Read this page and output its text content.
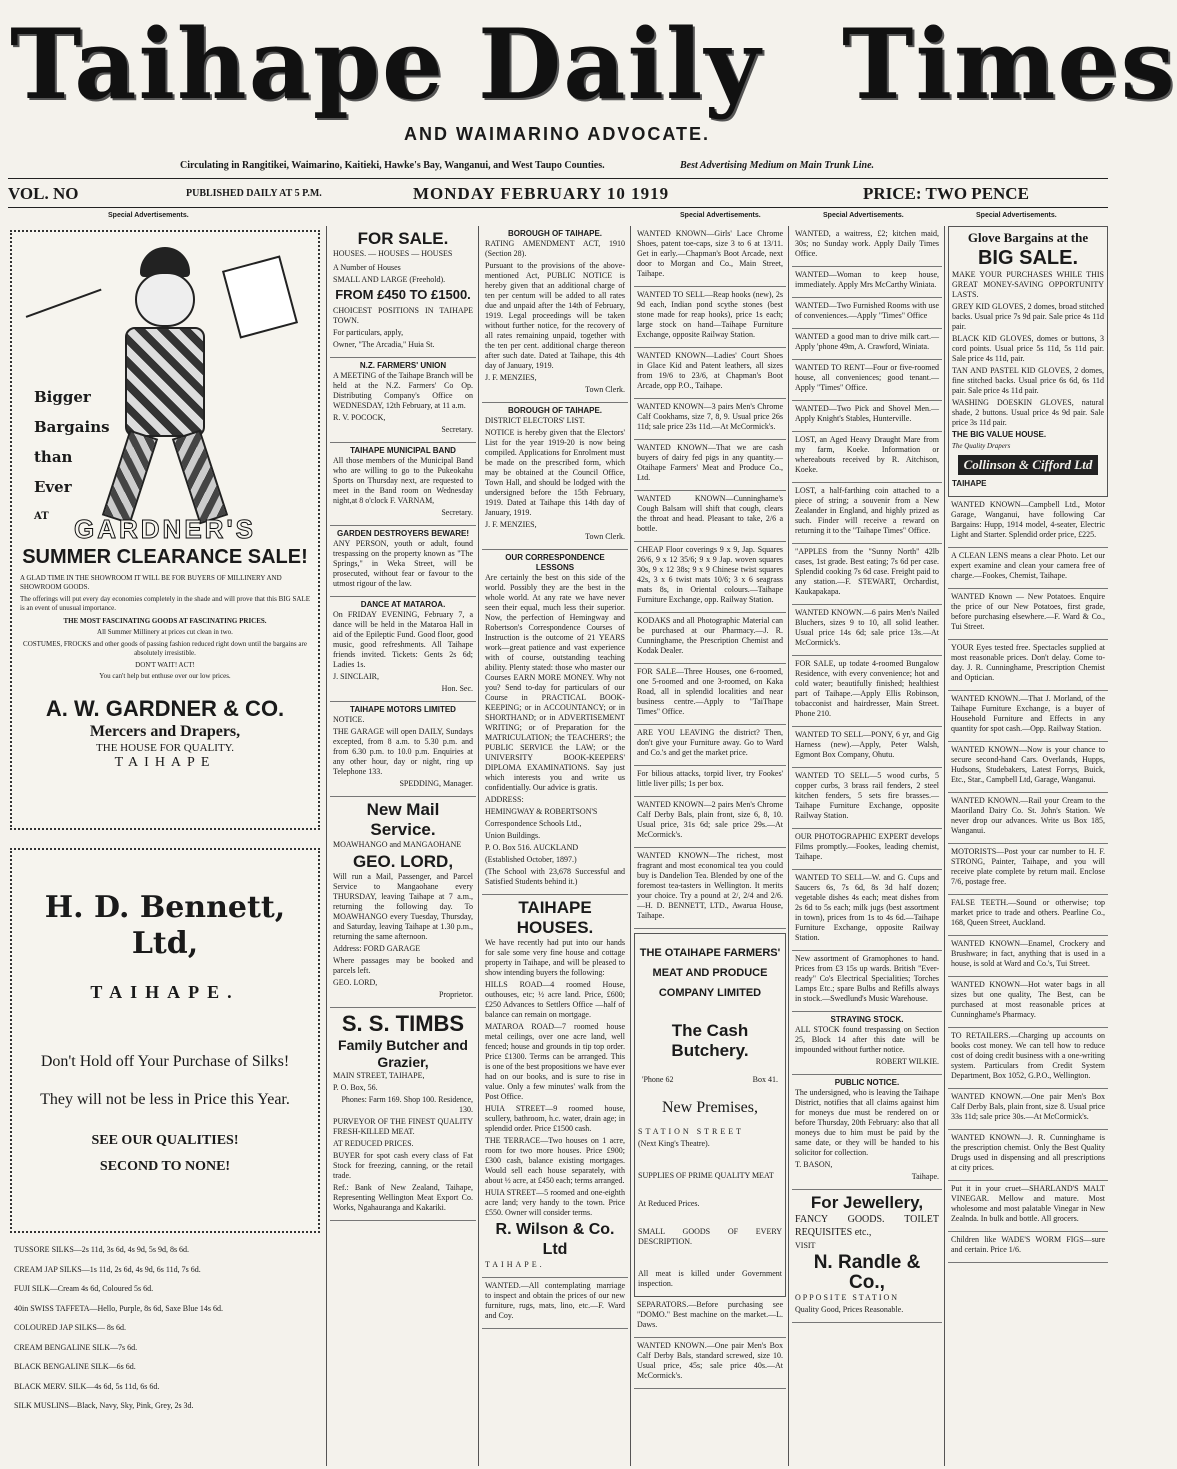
Taihape Daily Times
AND WAIMARINO ADVOCATE.
Circulating in Rangitikei, Waimarino, Kaitieki, Hawke's Bay, Wanganui, and West Taupo Counties.	Best Advertising Medium on Main Trunk Line.
VOL. NO	PUBLISHED DAILY AT 5 P.M.	MONDAY FEBRUARY 10 1919	PRICE: TWO PENCE
Special Advertisements.	Special Advertisements.	Special Advertisements.	Special Advertisements.
Bigger
Bargains
than
Ever
AT GARDNER'S
SUMMER CLEARANCE SALE!
A GLAD TIME IN THE SHOWROOM IT WILL BE FOR BUYERS OF MILLINERY AND SHOWROOM GOODS.
The offerings will put every day economies completely in the shade and will prove that this BIG SALE is an event of unusual importance.
THE MOST FASCINATING GOODS AT FASCINATING PRICES.
All Summer Millinery at prices cut clean in two.
COSTUMES, FROCKS and other goods of passing fashion reduced right down until the bargains are absolutely irresistible.
DON'T WAIT! ACT!
You can't help but enthuse over our low prices.
A. W. GARDNER & CO.
Mercers and Drapers,
THE HOUSE FOR QUALITY.
TAIHAPE
H. D. Bennett, Ltd,
TAIHAPE.
Don't Hold off Your Purchase of Silks!
They will not be less in Price this Year.
SEE OUR QUALITIES!
SECOND TO NONE!
TUSSORE SILKS—2s 11d, 3s 6d, 4s 9d, 5s 9d, 8s 6d.
CREAM JAP SILKS—1s 11d, 2s 6d, 4s 9d, 6s 11d, 7s 6d.
FUJI SILK—Cream 4s 6d, Coloured 5s 6d.
40in SWISS TAFFETA—Hello, Purple, 8s 6d, Saxe Blue 14s 6d.
COLOURED JAP SILKS— 8s 6d.
CREAM BENGALINE SILK—7s 6d.
BLACK BENGALINE SILK—6s 6d.
BLACK MERV. SILK—4s 6d, 5s 11d, 6s 6d.
SILK MUSLINS—Black, Navy, Sky, Pink, Grey, 2s 3d.
FOR SALE.

HOUSES. — HOUSES — HOUSES

A Number of Houses

SMALL AND LARGE (Freehold).

FROM £450 TO £1500.

CHOICEST POSITIONS IN TAIHAPE TOWN.

For particulars, apply,

Owner, "The Arcadia," Huia St.

N.Z. FARMERS' UNION

A MEETING of the Taihape Branch will be held at the N.Z. Farmers' Co Op. Distributing Company's Office on WEDNESDAY, 12th February, at 11 a.m.

R. V. POCOCK,

Secretary.

TAIHAPE MUNICIPAL BAND

All those members of the Municipal Band who are willing to go to the Pukeokahu Sports on Thursday next, are requested to meet in the Band room on Wednesday night,at 8 o'clock F. VARNAM,

Secretary.

GARDEN DESTROYERS BEWARE!

ANY PERSON, youth or adult, found trespassing on the property known as "The Springs," in Weka Street, will be prosecuted, without fear or favour to the utmost rigour of the law.

DANCE AT MATAROA.

On FRIDAY EVENING, February 7, a dance will be held in the Mataroa Hall in aid of the Epileptic Fund. Good floor, good music, good refreshments. All Taihape friends invited. Tickets: Gents 2s 6d; Ladies 1s.

J. SINCLAIR,

Hon. Sec.

TAIHAPE MOTORS LIMITED

NOTICE.

THE GARAGE will open DAILY, Sundays excepted, from 8 a.m. to 5.30 p.m. and from 6.30 p.m. to 10.0 p.m. Enquiries at any other hour, day or night, ring up Telephone 133.

SPEDDING, Manager.

New Mail Service.

MOAWHANGO and MANGAOHANE

GEO. LORD,

Will run a Mail, Passenger, and Parcel Service to Mangaohane every THURSDAY, leaving Taihape at 7 a.m., returning the following day. To MOAWHANGO every Tuesday, Thursday, and Saturday, leaving Taihape at 1.30 p.m., returning the same afternoon.

Address: FORD GARAGE

Where passages may be booked and parcels left.

GEO. LORD,

Proprietor.

S. S. TIMBS
Family Butcher and Grazier,

MAIN STREET, TAIHAPE,

P. O. Box, 56.

Phones: Farm 169. Shop 100. Residence, 130.

PURVEYOR OF THE FINEST QUALITY FRESH-KILLED MEAT.

AT REDUCED PRICES.

BUYER for spot cash every class of Fat Stock for freezing, canning, or the retail trade.

Ref.: Bank of New Zealand, Taihape, Representing Wellington Meat Export Co. Works, Ngahauranga and Kakariki.

BOROUGH OF TAIHAPE.

RATING AMENDMENT ACT, 1910 (Section 28).

Pursuant to the provisions of the above-mentioned Act, PUBLIC NOTICE is hereby given that an additional charge of ten per centum will be added to all rates due and unpaid after the 14th of February, 1919. Legal proceedings will be taken without further notice, for the recovery of all rates remaining unpaid, together with the ten per cent. additional charge thereon after such date. Dated at Taihape, this 4th day of January, 1919.

J. F. MENZIES,

Town Clerk.

BOROUGH OF TAIHAPE.

DISTRICT ELECTORS' LIST.

NOTICE is hereby given that the Electors' List for the year 1919-20 is now being compiled. Applications for Enrolment must be made on the prescribed form, which may be obtained at the Council Office, Town Hall, and should be lodged with the undersigned before the 15th February, 1919. Dated at Taihape this 14th day of January, 1919.

J. F. MENZIES,

Town Clerk.

OUR CORRESPONDENCE LESSONS

Are certainly the best on this side of the world. Possibly they are the best in the whole world. At any rate we have never seen their equal, much less their superior. Now, the perfection of Hemingway and Robertson's Correspondence Courses of Instruction is the outcome of 21 YEARS work—great patience and vast experience with of course, outstanding teaching ability. Plenty stated: those who master our Courses EARN MORE MONEY. Why not you? Send to-day for particulars of our Course in PRACTICAL BOOK-KEEPING; or in ACCOUNTANCY; or in SHORTHAND; or in ADVERTISEMENT WRITING; or of Preparation for the MATRICULATION; the TEACHERS'; the PUBLIC SERVICE the LAW; or the UNIVERSITY BOOK-KEEPERS' DIPLOMA EXAMINATIONS. Say just which interests you and write us confidentially. Our advice is gratis.

ADDRESS:

HEMINGWAY & ROBERTSON'S

Correspondence Schools Ltd.,

Union Buildings.

P. O. Box 516. AUCKLAND

(Established October, 1897.)

(The School with 23,678 Successful and Satisfied Students behind it.)

TAIHAPE HOUSES.

We have recently had put into our hands for sale some very fine house and cottage property in Taihape, and will be pleased to show intending buyers the following:

HILLS ROAD—4 roomed House, outhouses, etc; ½ acre land. Price, £600; £250 Advances to Settlers Office —half of balance can remain on mortgage.

MATAROA ROAD—7 roomed house metal ceilings, over one acre land, well fenced; house and grounds in tip top order. Price £1300. Terms can be arranged. This is one of the best propositions we have ever had on our books, and is sure to rise in value. Only a few minutes' walk from the Post Office.

HUIA STREET—9 roomed house, scullery, bathroom, h.c. water, drain age; in splendid order. Price £1500 cash.

THE TERRACE—Two houses on 1 acre, room for two more houses. Price £900; £300 cash, balance existing mortgages. Would sell each house separately, with about ½ acre, at £450 each; terms arranged.

HUIA STREET—5 roomed and one-eighth acre land; very handy to the town. Price £550. Owner will consider terms.

R. Wilson & Co. Ltd

TAIHAPE.

WANTED.—All contemplating marriage to inspect and obtain the prices of our new furniture, rugs, mats, lino, etc.—F. Ward and Coy.

WANTED KNOWN—Girls' Lace Chrome Shoes, patent toe-caps, size 3 to 6 at 13/11. Get in early.—Chapman's Boot Arcade, next door to Morgan and Co., Main Street, Taihape.

WANTED TO SELL—Reap hooks (new), 2s 9d each, Indian pond scythe stones (best stone made for reap hooks), price 1s each; large stock on hand—Taihape Furniture Exchange, opposite Railway Station.

WANTED KNOWN—Ladies' Court Shoes in Glace Kid and Patent leathers, all sizes from 19/6 to 23/6, at Chapman's Boot Arcade, opp P.O., Taihape.

WANTED KNOWN—3 pairs Men's Chrome Calf Cookhams, size 7, 8, 9. Usual price 26s 11d; sale price 23s 11d.—At McCormick's.

WANTED KNOWN—That we are cash buyers of dairy fed pigs in any quantity.—Otaihape Farmers' Meat and Produce Co., Ltd.

WANTED KNOWN—Cunninghame's Cough Balsam will shift that cough, clears the throat and head. Pleasant to take, 2/6 a bottle.

CHEAP Floor coverings 9 x 9, Jap. Squares 26/6, 9 x 12 35/6; 9 x 9 Jap. woven squares 30s, 9 x 12 38s; 9 x 9 Chinese twist squares 42s, 3 x 6 twist mats 10/6; 3 x 6 seagrass mats 8s, in Oriental colours.—Taihape Furniture Exchange, opp. Railway Station.

KODAKS and all Photographic Material can be purchased at our Pharmacy.—J. R. Cunninghame, the Prescription Chemist and Kodak Dealer.

FOR SALE—Three Houses, one 6-roomed, one 5-roomed and one 3-roomed, on Kaka Road, all in splendid localities and near business centre.—Apply to "TaiThape Times" Office.

ARE YOU LEAVING the district? Then, don't give your Furniture away. Go to Ward and Co.'s and get the market price.

For bilious attacks, torpid liver, try Fookes' little liver pills; 1s per box.

WANTED KNOWN—2 pairs Men's Chrome Calf Derby Bals, plain front, size 6, 8, 10. Usual price, 31s 6d; sale price 29s.—At McCormick's.

WANTED KNOWN—The richest, most fragrant and most economical tea you could buy is Dandelion Tea. Blended by one of the foremost tea-tasters in Wellington. It merits your choice. Try a pound at 2/, 2/4 and 2/6.—H. D. BENNETT, LTD., Awarua House, Taihape.

THE OTAIHAPE FARMERS'
MEAT AND PRODUCE
COMPANY LIMITED
The Cash Butchery.
'Phone 62	Box 41.
New Premises,

STATION STREET

(Next King's Theatre).

SUPPLIES OF PRIME QUALITY MEAT

At Reduced Prices.

SMALL GOODS OF EVERY DESCRIPTION.

All meat is killed under Government inspection.

SEPARATORS.—Before purchasing see "DOMO." Best machine on the market.—L. Daws.

WANTED KNOWN.—One pair Men's Box Calf Derby Bals, standard screwed, size 10. Usual price, 45s; sale price 40s.—At McCormick's.

WANTED, a waitress, £2; kitchen maid, 30s; no Sunday work. Apply Daily Times Office.

WANTED—Woman to keep house, immediately. Apply Mrs McCarthy Winiata.

WANTED—Two Furnished Rooms with use of conveniences.—Apply "Times" Office

WANTED a good man to drive milk cart.—Apply 'phone 49m, A. Crawford, Winiata.

WANTED TO RENT—Four or five-roomed house, all conveniences; good tenant.—Apply "Times" Office.

WANTED—Two Pick and Shovel Men.—Apply Knight's Stables, Hunterville.

LOST, an Aged Heavy Draught Mare from my farm, Koeke. Information or whereabouts received by R. Aitchison, Koeke.

LOST, a half-farthing coin attached to a piece of string; a souvenir from a New Zealander in England, and highly prized as such. Finder will receive a reward on returning it to the "Taihape Times" Office.

"APPLES from the "Sunny North" 42lb cases, 1st grade. Best eating; 7s 6d per case. Splendid cooking 7s 6d case. Freight paid to any station.—F. STEWART, Orchardist, Kaukapakapa.

WANTED KNOWN.—6 pairs Men's Nailed Bluchers, sizes 9 to 10, all solid leather. Usual price 14s 6d; sale price 13s.—At McCormick's.

FOR SALE, up todate 4-roomed Bungalow Residence, with every convenience; hot and cold water; beautifully finished; healthiest part of Taihape.—Apply Ellis Robinson, tobacconist and hairdresser, Main Street. Phone 210.

WANTED TO SELL—PONY, 6 yr, and Gig Harness (new).—Apply, Peter Walsh, Egmont Box Company, Ohutu.

WANTED TO SELL—5 wood curbs, 5 copper curbs, 3 brass rail fenders, 2 steel kitchen fenders, 5 sets fire brasses.—Taihape Furniture Exchange, opposite Railway Station.

OUR PHOTOGRAPHIC EXPERT develops Films promptly.—Fookes, leading chemist, Taihape.

WANTED TO SELL—W. and G. Cups and Saucers 6s, 7s 6d, 8s 3d half dozen; vegetable dishes 4s each; meat dishes from 2s 6d to 5s each; milk jugs (best assortment in town), prices from 1s to 4s 6d.—Taihape Furniture Exchange, opposite Railway Station.

New assortment of Gramophones to hand. Prices from £3 15s up wards. British "Ever-ready" Co's Electrical Specialities; Torches Lamps Etc.; spare Bulbs and Refills always in stock.—Swedlund's Music Warehouse.

STRAYING STOCK.

ALL STOCK found trespassing on Section 25, Block 14 after this date will be impounded without further notice.

ROBERT WILKIE.

PUBLIC NOTICE.

The undersigned, who is leaving the Taihape District, notifies that all claims against him for moneys due must be rendered on or before Thursday, 20th February: also that all moneys due to him must be paid by the same date, or they will be handed to his solicitor for collection.

T. BASON,

Taihape.

For Jewellery,

FANCY GOODS. TOILET REQUISITES etc.,

VISIT

N. Randle & Co.,

OPPOSITE STATION

Quality Good, Prices Reasonable.

Glove Bargains at the
BIG SALE.

MAKE YOUR PURCHASES WHILE THIS GREAT MONEY-SAVING OPPORTUNITY LASTS.

GREY KID GLOVES, 2 domes, broad stitched backs. Usual price 7s 9d pair. Sale price 4s 11d pair.

BLACK KID GLOVES, domes or buttons, 3 cord points. Usual price 5s 11d, 5s 11d pair. Sale price 4s 11d, pair.

TAN AND PASTEL KID GLOVES, 2 domes, fine stitched backs. Usual price 6s 6d, 6s 11d pair. Sale price 4s 11d pair.

WASHING DOESKIN GLOVES, natural shade, 2 buttons. Usual price 4s 9d pair. Sale price 3s 11d pair.

THE BIG VALUE HOUSE.

The Quality Drapers

Collinson & Cifford Ltd

TAIHAPE

WANTED KNOWN—Campbell Ltd., Motor Garage, Wanganui, have following Car Bargains: Hupp, 1914 model, 4-seater, Electric Light and Starter. Splendid order price, £225.

A CLEAN LENS means a clear Photo. Let our expert examine and clean your camera free of charge.—Fookes, Chemist, Taihape.

WANTED Known — New Potatoes. Enquire the price of our New Potatoes, first grade, before purchasing elsewhere.—F. Ward & Co., Tui Street.

YOUR Eyes tested free. Spectacles supplied at most reasonable prices. Don't delay. Come to-day. J. R. Cunninghame, Prescription Chemist and Optician.

WANTED KNOWN.—That J. Morland, of the Taihape Furniture Exchange, is a buyer of Household Furniture and Effects in any quantity for spot cash.—Opp. Railway Station.

WANTED KNOWN—Now is your chance to secure second-hand Cars. Overlands, Hupps, Hudsons, Studebakers, Latest Forrys, Buick, Etc., Star., Campbell Ltd, Garage, Wanganui.

WANTED KNOWN.—Rail your Cream to the Maoriland Dairy Co. St. John's Station. We never drop our advances. Write us Box 185, Wanganui.

MOTORISTS—Post your car number to H. F. STRONG, Painter, Taihape, and you will receive plate complete by return mail. Enclose 7/6, postage free.

FALSE TEETH.—Sound or otherwise; top market price to trade and others. Pearline Co., 168, Queen Street, Auckland.

WANTED KNOWN—Enamel, Crockery and Brushware; in fact, anything that is used in a house, is sold at Ward and Co.'s, Tui Street.

WANTED KNOWN—Hot water bags in all sizes but one quality, The Best, can be purchased at most reasonable prices at Cunninghame's Pharmacy.

TO RETAILERS.—Charging up accounts on books cost money. We can tell how to reduce cost of doing credit business with a one-writing system. Particulars from Credit System Department, Box 1052, G.P.O., Wellington.

WANTED KNOWN.—One pair Men's Box Calf Derby Bals, plain front, size 8. Usual price 33s 11d; sale price 30s.—At McCormick's.

WANTED KNOWN—J. R. Cunninghame is the prescription chemist. Only the Best Quality Drugs used in dispensing and all prescriptions at city prices.

Put it in your cruet—SHARLAND'S MALT VINEGAR. Mellow and mature. Most wholesome and most palatable Vinegar in New Zealnda. In bulk and bottle. All grocers.

Children like WADE'S WORM FIGS—sure and certain. Price 1/6.
